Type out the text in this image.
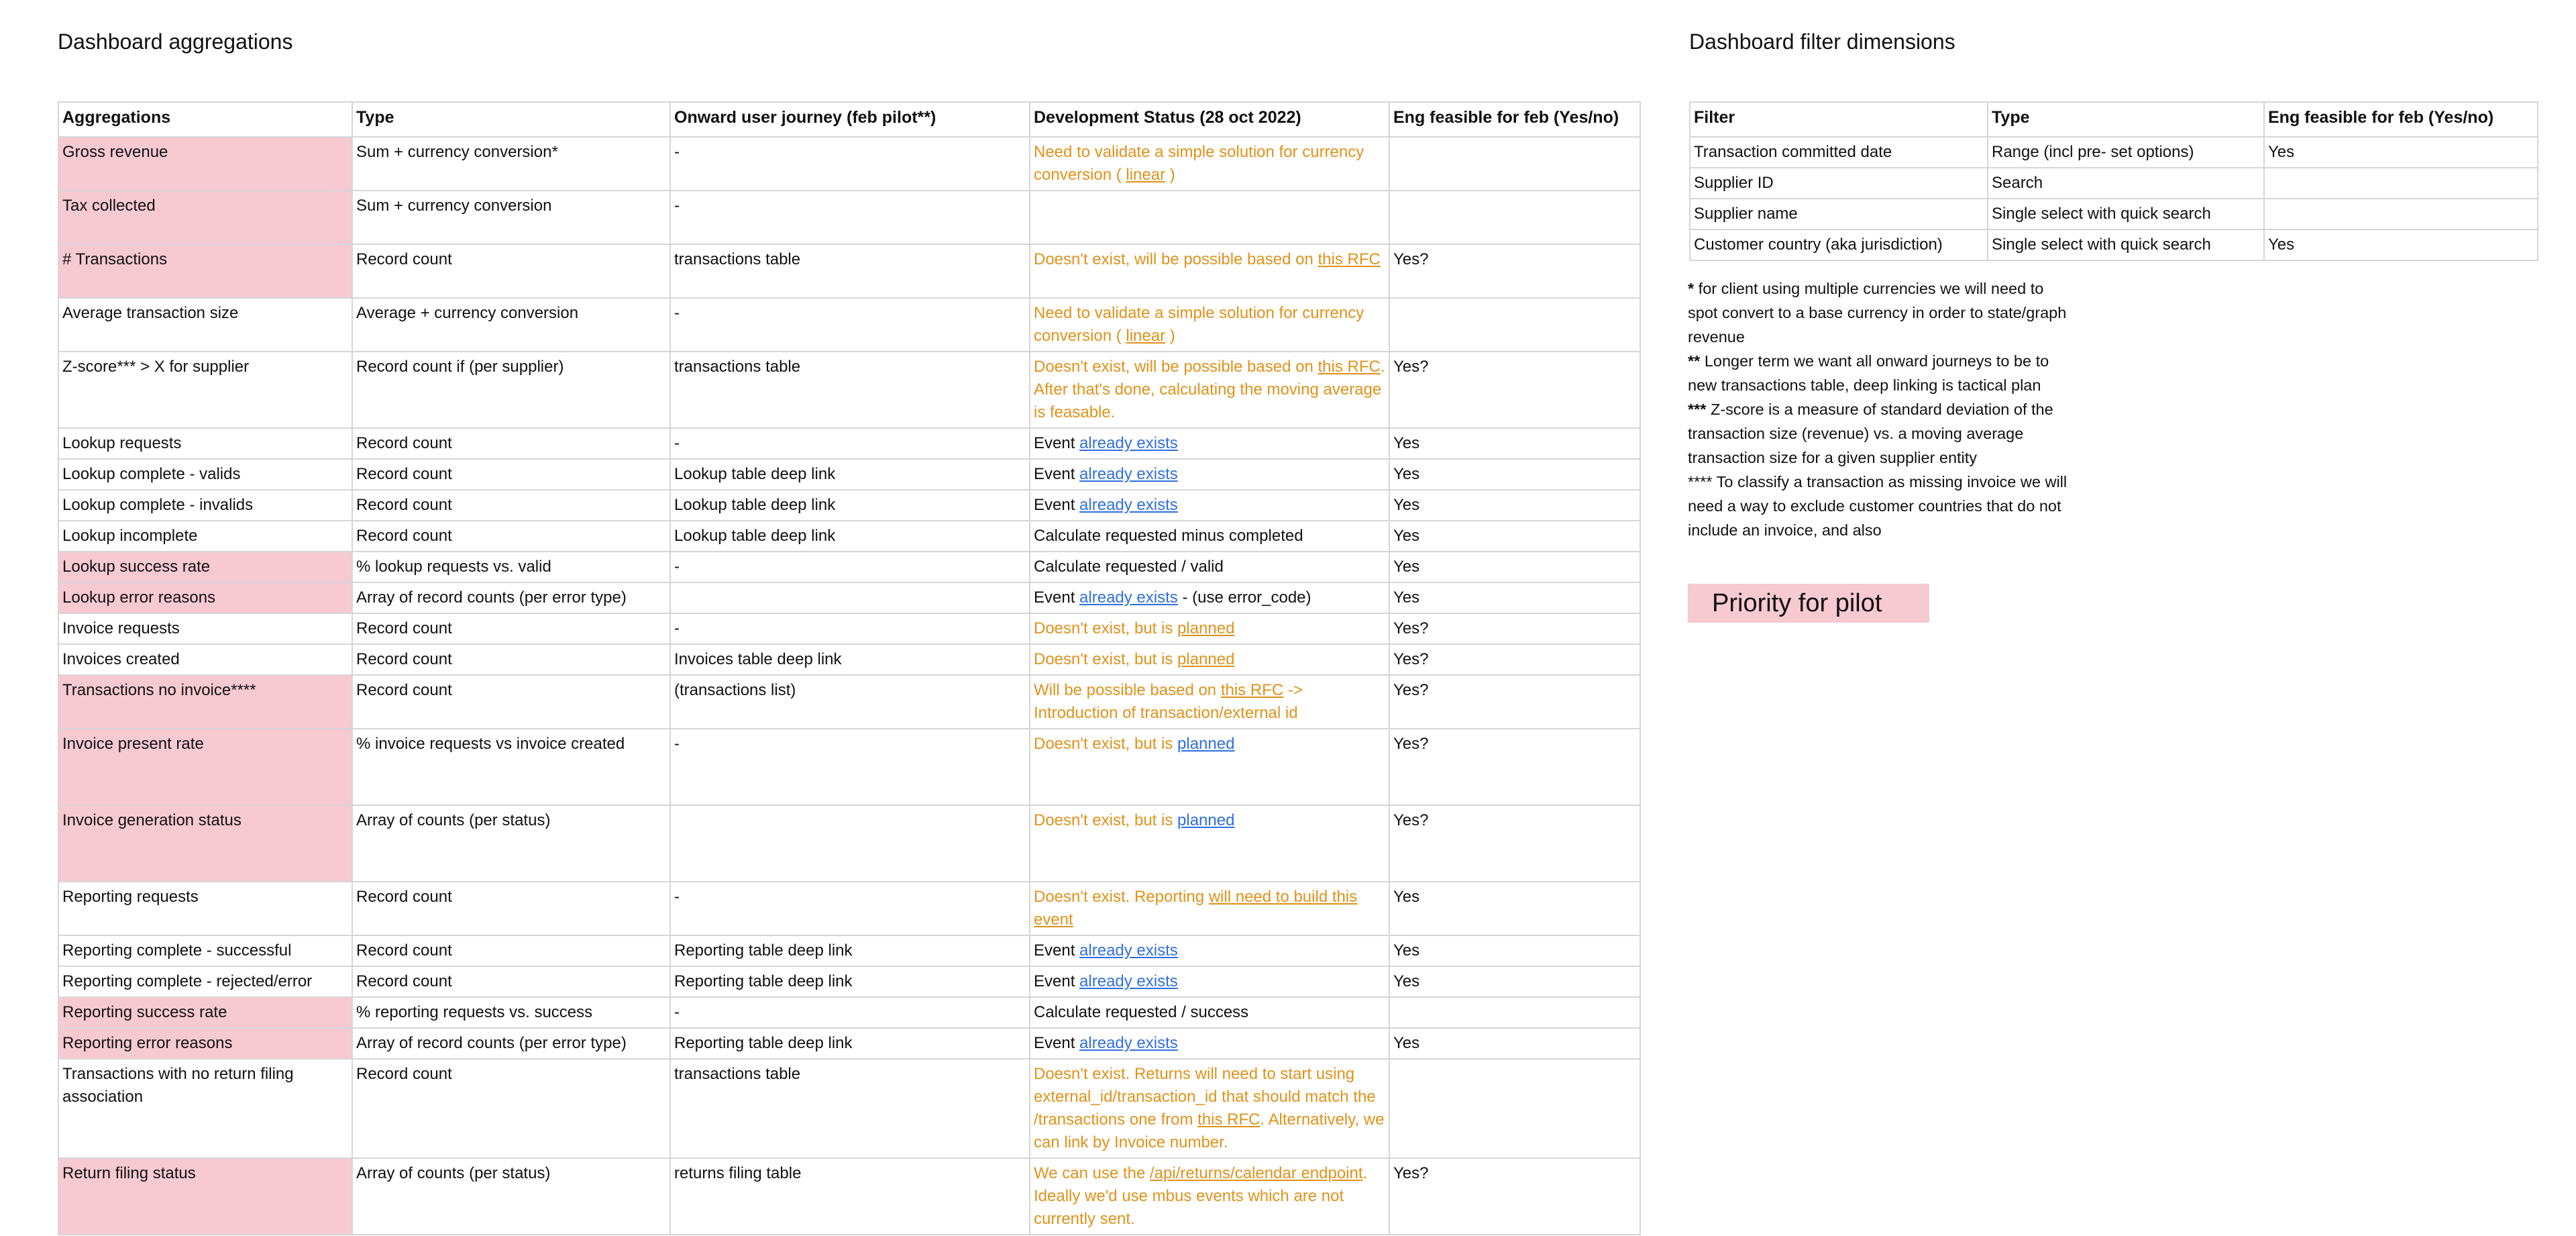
Dashboard aggregations	Dashboard filter dimensions
Aggregations	Type	Onward user journey (feb pilot**)	Development Status (28 oct 2022)	Eng feasible for feb (Yes/no)
Gross revenue	Sum + currency conversion*	-	Need to validate a simple solution for currency conversion ( linear )	
Tax collected	Sum + currency conversion	-		
# Transactions	Record count	transactions table	Doesn't exist, will be possible based on this RFC	Yes?
Average transaction size	Average + currency conversion	-	Need to validate a simple solution for currency conversion ( linear )	
Z-score*** > X for supplier	Record count if (per supplier)	transactions table	Doesn't exist, will be possible based on this RFC. After that's done, calculating the moving average is feasable.	Yes?
Lookup requests	Record count	-	Event already exists	Yes
Lookup complete - valids	Record count	Lookup table deep link	Event already exists	Yes
Lookup complete - invalids	Record count	Lookup table deep link	Event already exists	Yes
Lookup incomplete	Record count	Lookup table deep link	Calculate requested minus completed	Yes
Lookup success rate	% lookup requests vs. valid	-	Calculate requested / valid	Yes
Lookup error reasons	Array of record counts (per error type)		Event already exists - (use error_code)	Yes
Invoice requests	Record count	-	Doesn't exist, but is planned	Yes?
Invoices created	Record count	Invoices table deep link	Doesn't exist, but is planned	Yes?
Transactions no invoice****	Record count	(transactions list)	Will be possible based on this RFC -> Introduction of transaction/external id	Yes?
Invoice present rate	% invoice requests vs invoice created	-	Doesn't exist, but is planned	Yes?
Invoice generation status	Array of counts (per status)		Doesn't exist, but is planned	Yes?
Reporting requests	Record count	-	Doesn't exist. Reporting will need to build this event	Yes
Reporting complete - successful	Record count	Reporting table deep link	Event already exists	Yes
Reporting complete - rejected/error	Record count	Reporting table deep link	Event already exists	Yes
Reporting success rate	% reporting requests vs. success	-	Calculate requested / success	
Reporting error reasons	Array of record counts (per error type)	Reporting table deep link	Event already exists	Yes
Transactions with no return filing association	Record count	transactions table	Doesn't exist. Returns will need to start using external_id/transaction_id that should match the /transactions one from this RFC. Alternatively, we can link by Invoice number.	
Return filing status	Array of counts (per status)	returns filing table	We can use the /api/returns/calendar endpoint. Ideally we'd use mbus events which are not currently sent.	Yes?
Filter	Type	Eng feasible for feb (Yes/no)
Transaction committed date	Range (incl pre- set options)	Yes
Supplier ID	Search	
Supplier name	Single select with quick search	
Customer country (aka jurisdiction)	Single select with quick search	Yes

* for client using multiple currencies we will need to spot convert to a base currency in order to state/graph revenue

** Longer term we want all onward journeys to be to new transactions table, deep linking is tactical plan

*** Z-score is a measure of standard deviation of the transaction size (revenue) vs. a moving average transaction size for a given supplier entity

**** To classify a transaction as missing invoice we will need a way to exclude customer countries that do not include an invoice, and also

Priority for pilot
